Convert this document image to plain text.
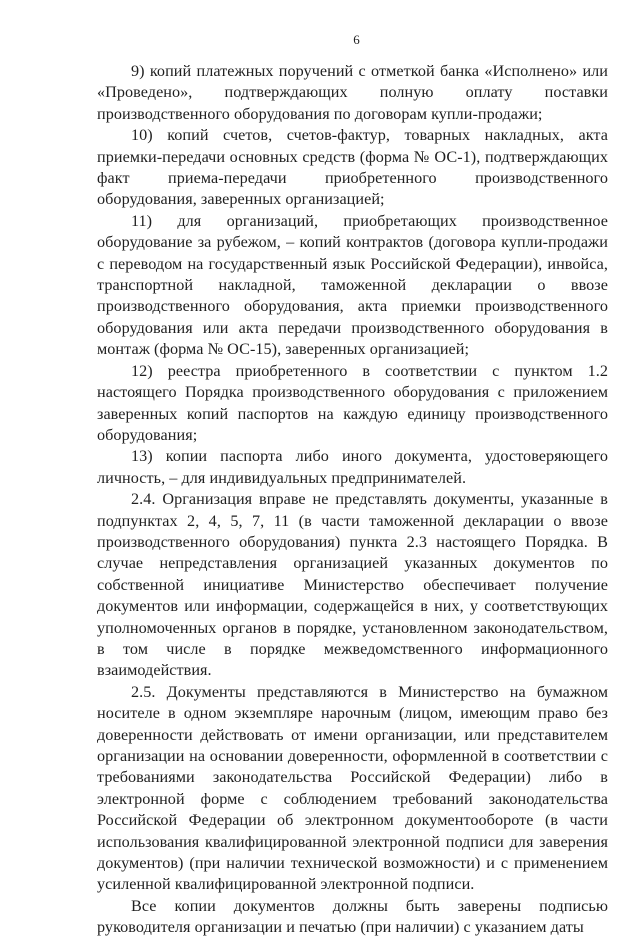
6

9) копий платежных поручений с отметкой банка «Исполнено» или «Проведено», подтверждающих полную оплату поставки производственного оборудования по договорам купли-продажи;

10) копий счетов, счетов-фактур, товарных накладных, акта приемки-передачи основных средств (форма № ОС-1), подтверждающих факт приема-передачи приобретенного производственного оборудования, заверенных организацией;

11) для организаций, приобретающих производственное оборудование за рубежом, – копий контрактов (договора купли-продажи с переводом на государственный язык Российской Федерации), инвойса, транспортной накладной, таможенной декларации о ввозе производственного оборудования, акта приемки производственного оборудования или акта передачи производственного оборудования в монтаж (форма № ОС-15), заверенных организацией;

12) реестра приобретенного в соответствии с пунктом 1.2 настоящего Порядка производственного оборудования с приложением заверенных копий паспортов на каждую единицу производственного оборудования;

13) копии паспорта либо иного документа, удостоверяющего личность, – для индивидуальных предпринимателей.

2.4. Организация вправе не представлять документы, указанные в подпунктах 2, 4, 5, 7, 11 (в части таможенной декларации о ввозе производственного оборудования) пункта 2.3 настоящего Порядка. В случае непредставления организацией указанных документов по собственной инициативе Министерство обеспечивает получение документов или информации, содержащейся в них, у соответствующих уполномоченных органов в порядке, установленном законодательством, в том числе в порядке межведомственного информационного взаимодействия.

2.5. Документы представляются в Министерство на бумажном носителе в одном экземпляре нарочным (лицом, имеющим право без доверенности действовать от имени организации, или представителем организации на основании доверенности, оформленной в соответствии с требованиями законодательства Российской Федерации) либо в электронной форме с соблюдением требований законодательства Российской Федерации об электронном документообороте (в части использования квалифицированной электронной подписи для заверения документов) (при наличии технической возможности) и с применением усиленной квалифицированной электронной подписи.

Все копии документов должны быть заверены подписью руководителя организации и печатью (при наличии) с указанием даты
